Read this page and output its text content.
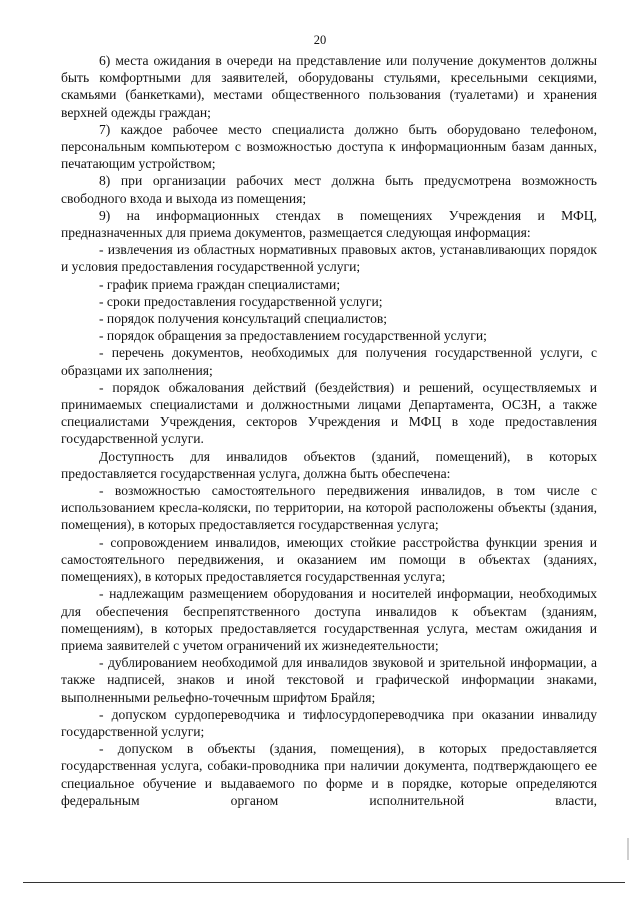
20

6) места ожидания в очереди на представление или получение документов должны быть комфортными для заявителей, оборудованы стульями, кресельными секциями, скамьями (банкетками), местами общественного пользования (туалетами) и хранения верхней одежды граждан;

7) каждое рабочее место специалиста должно быть оборудовано телефоном, персональным компьютером с возможностью доступа к информационным базам данных, печатающим устройством;

8) при организации рабочих мест должна быть предусмотрена возможность свободного входа и выхода из помещения;

9) на информационных стендах в помещениях Учреждения и МФЦ, предназначенных для приема документов, размещается следующая информация:

- извлечения из областных нормативных правовых актов, устанавливающих порядок и условия предоставления государственной услуги;

- график приема граждан специалистами;

- сроки предоставления государственной услуги;

- порядок получения консультаций специалистов;

- порядок обращения за предоставлением государственной услуги;

- перечень документов, необходимых для получения государственной услуги, с образцами их заполнения;

- порядок обжалования действий (бездействия) и решений, осуществляемых и принимаемых специалистами и должностными лицами Департамента, ОСЗН, а также специалистами Учреждения, секторов Учреждения и МФЦ в ходе предоставления государственной услуги.

Доступность для инвалидов объектов (зданий, помещений), в которых предоставляется государственная услуга, должна быть обеспечена:

- возможностью самостоятельного передвижения инвалидов, в том числе с использованием кресла-коляски, по территории, на которой расположены объекты (здания, помещения), в которых предоставляется государственная услуга;

- сопровождением инвалидов, имеющих стойкие расстройства функции зрения и самостоятельного передвижения, и оказанием им помощи в объектах (зданиях, помещениях), в которых предоставляется государственная услуга;

- надлежащим размещением оборудования и носителей информации, необходимых для обеспечения беспрепятственного доступа инвалидов к объектам (зданиям, помещениям), в которых предоставляется государственная услуга, местам ожидания и приема заявителей с учетом ограничений их жизнедеятельности;

- дублированием необходимой для инвалидов звуковой и зрительной информации, а также надписей, знаков и иной текстовой и графической информации знаками, выполненными рельефно-точечным шрифтом Брайля;

- допуском сурдопереводчика и тифлосурдопереводчика при оказании инвалиду государственной услуги;

- допуском в объекты (здания, помещения), в которых предоставляется государственная услуга, собаки-проводника при наличии документа, подтверждающего ее специальное обучение и выдаваемого по форме и в порядке, которые определяются федеральным органом исполнительной власти,
